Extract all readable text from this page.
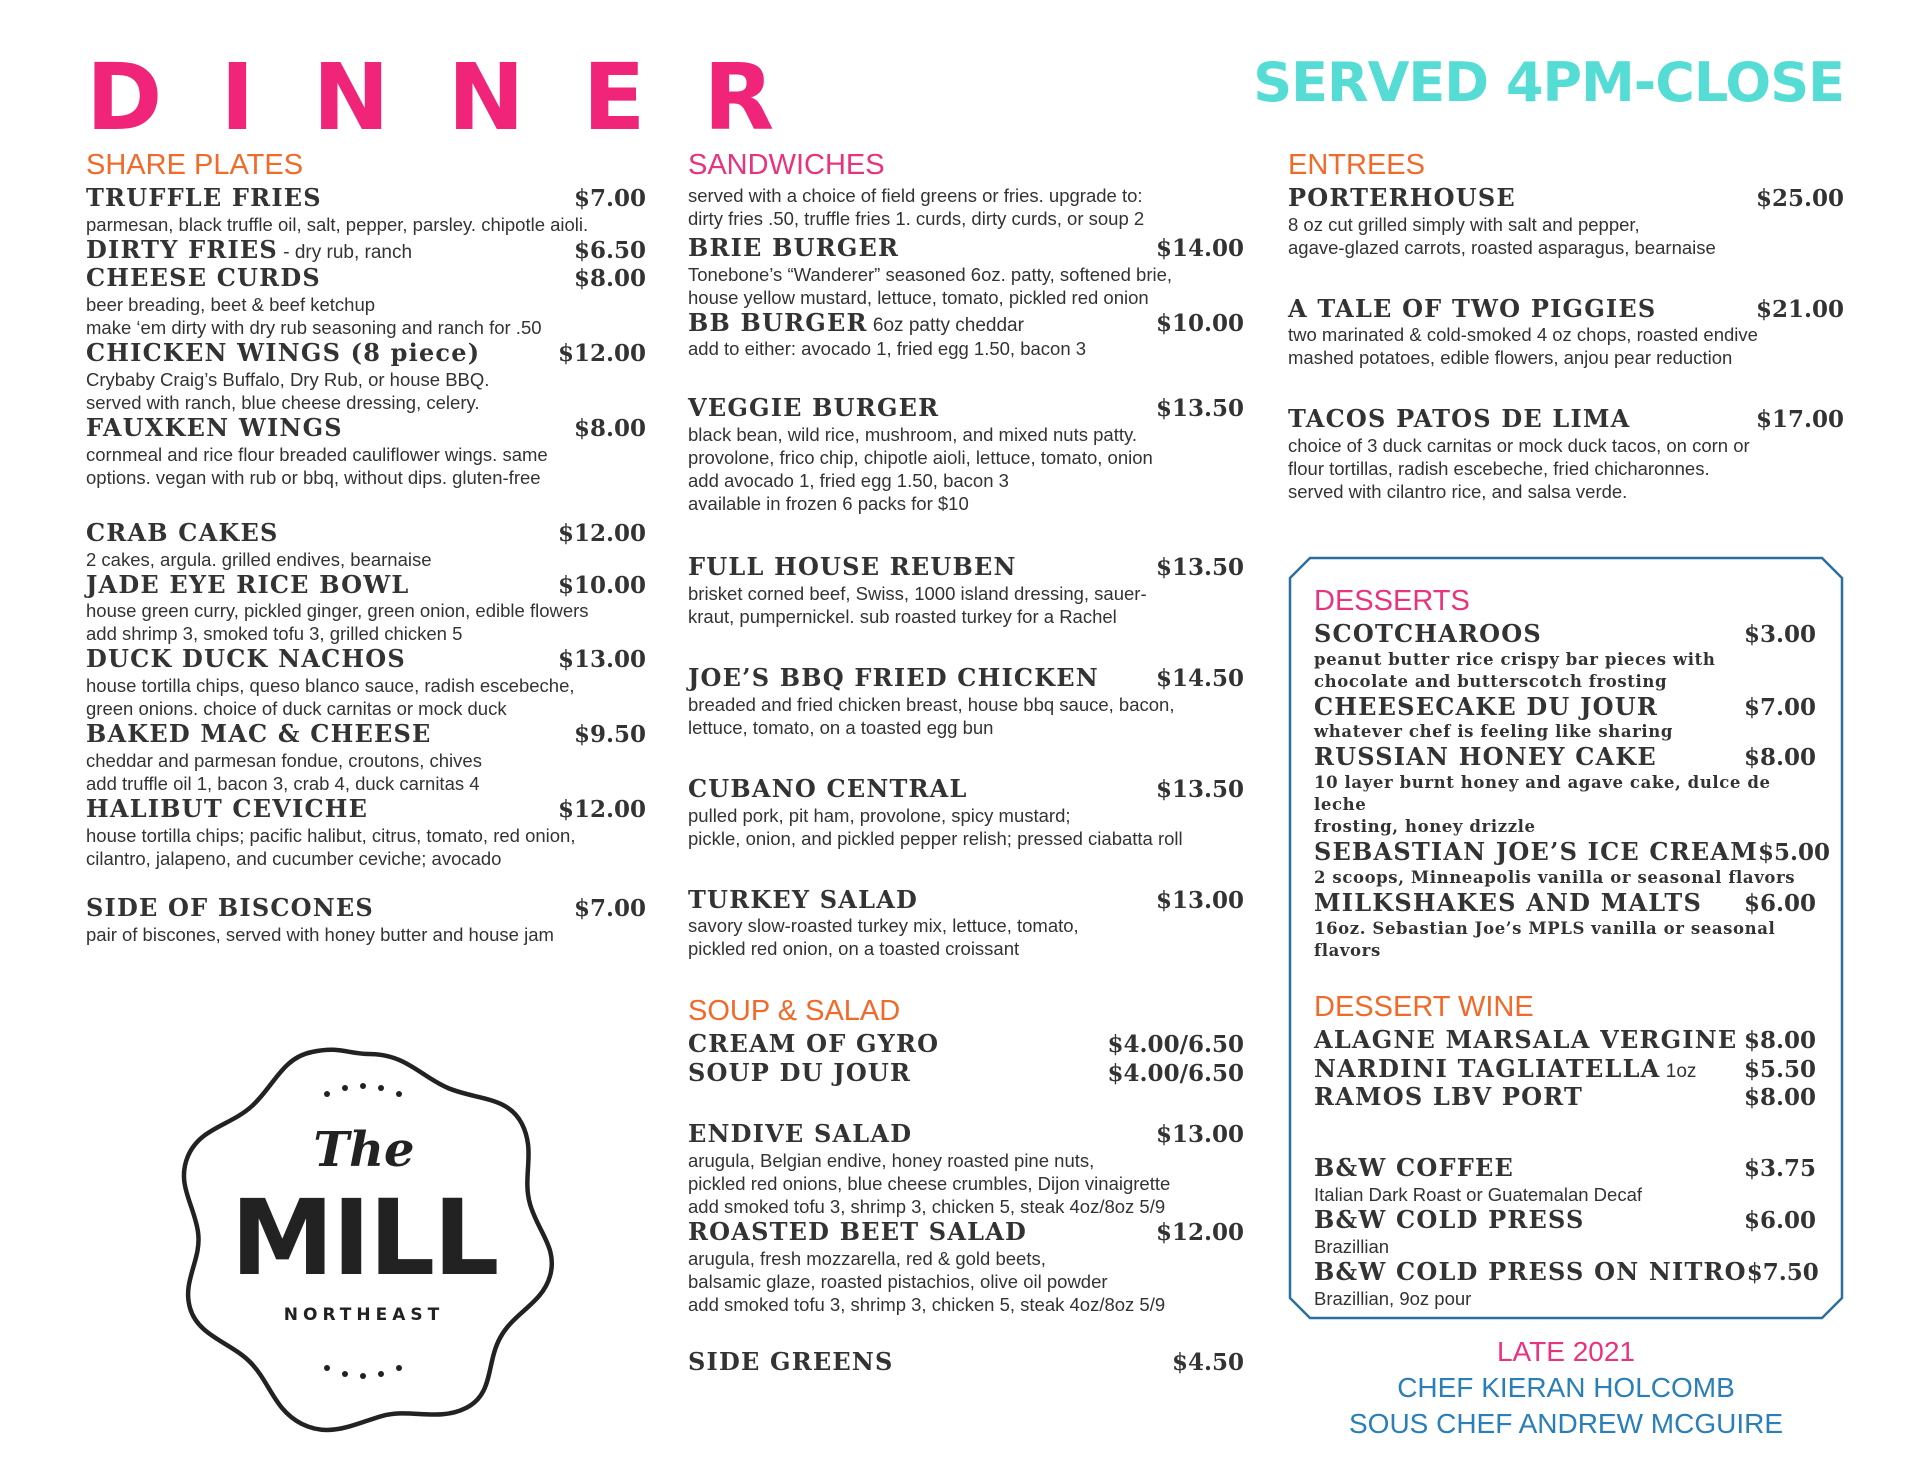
DINNER	SERVED 4PM-CLOSE
SHARE PLATES
TRUFFLE FRIES	$7.00
parmesan, black truffle oil, salt, pepper, parsley. chipotle aioli.
DIRTY FRIES - dry rub, ranch	$6.50
CHEESE CURDS	$8.00
beer breading, beet & beef ketchup
make ‘em dirty with dry rub seasoning and ranch for .50
CHICKEN WINGS (8 piece)	$12.00
Crybaby Craig’s Buffalo, Dry Rub, or house BBQ.
served with ranch, blue cheese dressing, celery.
FAUXKEN WINGS	$8.00
cornmeal and rice flour breaded cauliflower wings. same
options. vegan with rub or bbq, without dips. gluten-free
CRAB CAKES	$12.00
2 cakes, argula. grilled endives, bearnaise
JADE EYE RICE BOWL	$10.00
house green curry, pickled ginger, green onion, edible flowers
add shrimp 3, smoked tofu 3, grilled chicken 5
DUCK DUCK NACHOS	$13.00
house tortilla chips, queso blanco sauce, radish escebeche,
green onions. choice of duck carnitas or mock duck
BAKED MAC & CHEESE	$9.50
cheddar and parmesan fondue, croutons, chives
add truffle oil 1, bacon 3, crab 4, duck carnitas 4
HALIBUT CEVICHE	$12.00
house tortilla chips; pacific halibut, citrus, tomato, red onion,
cilantro, jalapeno, and cucumber ceviche; avocado
SIDE OF BISCONES	$7.00
pair of biscones, served with honey butter and house jam
SANDWICHES
served with a choice of field greens or fries. upgrade to:
dirty fries .50, truffle fries 1. curds, dirty curds, or soup 2
BRIE BURGER	$14.00
Tonebone’s “Wanderer” seasoned 6oz. patty, softened brie,
house yellow mustard, lettuce, tomato, pickled red onion
BB BURGER 6oz patty cheddar	$10.00
add to either: avocado 1, fried egg 1.50, bacon 3
VEGGIE BURGER	$13.50
black bean, wild rice, mushroom, and mixed nuts patty.
provolone, frico chip, chipotle aioli, lettuce, tomato, onion
add avocado 1, fried egg 1.50, bacon 3
available in frozen 6 packs for $10
FULL HOUSE REUBEN	$13.50
brisket corned beef, Swiss, 1000 island dressing, sauer-
kraut, pumpernickel. sub roasted turkey for a Rachel
JOE’S BBQ FRIED CHICKEN $14.50
breaded and fried chicken breast, house bbq sauce, bacon,
lettuce, tomato, on a toasted egg bun
CUBANO CENTRAL	$13.50
pulled pork, pit ham, provolone, spicy mustard;
pickle, onion, and pickled pepper relish; pressed ciabatta roll
TURKEY SALAD	$13.00
savory slow-roasted turkey mix, lettuce, tomato,
pickled red onion, on a toasted croissant
SOUP & SALAD
CREAM OF GYRO	$4.00/6.50
SOUP DU JOUR	$4.00/6.50
ENDIVE SALAD	$13.00
arugula, Belgian endive, honey roasted pine nuts,
pickled red onions, blue cheese crumbles, Dijon vinaigrette
add smoked tofu 3, shrimp 3, chicken 5, steak 4oz/8oz 5/9
ROASTED BEET SALAD	$12.00
arugula, fresh mozzarella, red & gold beets,
balsamic glaze, roasted pistachios, olive oil powder
add smoked tofu 3, shrimp 3, chicken 5, steak 4oz/8oz 5/9
SIDE GREENS	$4.50
ENTREES
PORTERHOUSE	$25.00
8 oz cut grilled simply with salt and pepper,
agave-glazed carrots, roasted asparagus, bearnaise
A TALE OF TWO PIGGIES	$21.00
two marinated & cold-smoked 4 oz chops, roasted endive
mashed potatoes, edible flowers, anjou pear reduction
TACOS PATOS DE LIMA	$17.00
choice of 3 duck carnitas or mock duck tacos, on corn or
flour tortillas, radish escebeche, fried chicharonnes.
served with cilantro rice, and salsa verde.
DESSERTS
SCOTCHAROOS	$3.00
peanut butter rice crispy bar pieces with
chocolate and butterscotch frosting
CHEESECAKE DU JOUR	$7.00
whatever chef is feeling like sharing
RUSSIAN HONEY CAKE	$8.00
10 layer burnt honey and agave cake, dulce de leche
frosting, honey drizzle
SEBASTIAN JOE’S ICE CREAM $5.00
2 scoops, Minneapolis vanilla or seasonal flavors
MILKSHAKES AND MALTS $6.00
16oz. Sebastian Joe’s MPLS vanilla or seasonal flavors
DESSERT WINE
ALAGNE MARSALA VERGINE $8.00
NARDINI TAGLIATELLA 1oz $5.50
RAMOS LBV PORT	$8.00
B&W COFFEE	$3.75
Italian Dark Roast or Guatemalan Decaf
B&W COLD PRESS	$6.00
Brazillian
B&W COLD PRESS ON NITRO $7.50
Brazillian, 9oz pour
The
MILL
NORTHEAST
LATE 2021
CHEF KIERAN HOLCOMB
SOUS CHEF ANDREW MCGUIRE
